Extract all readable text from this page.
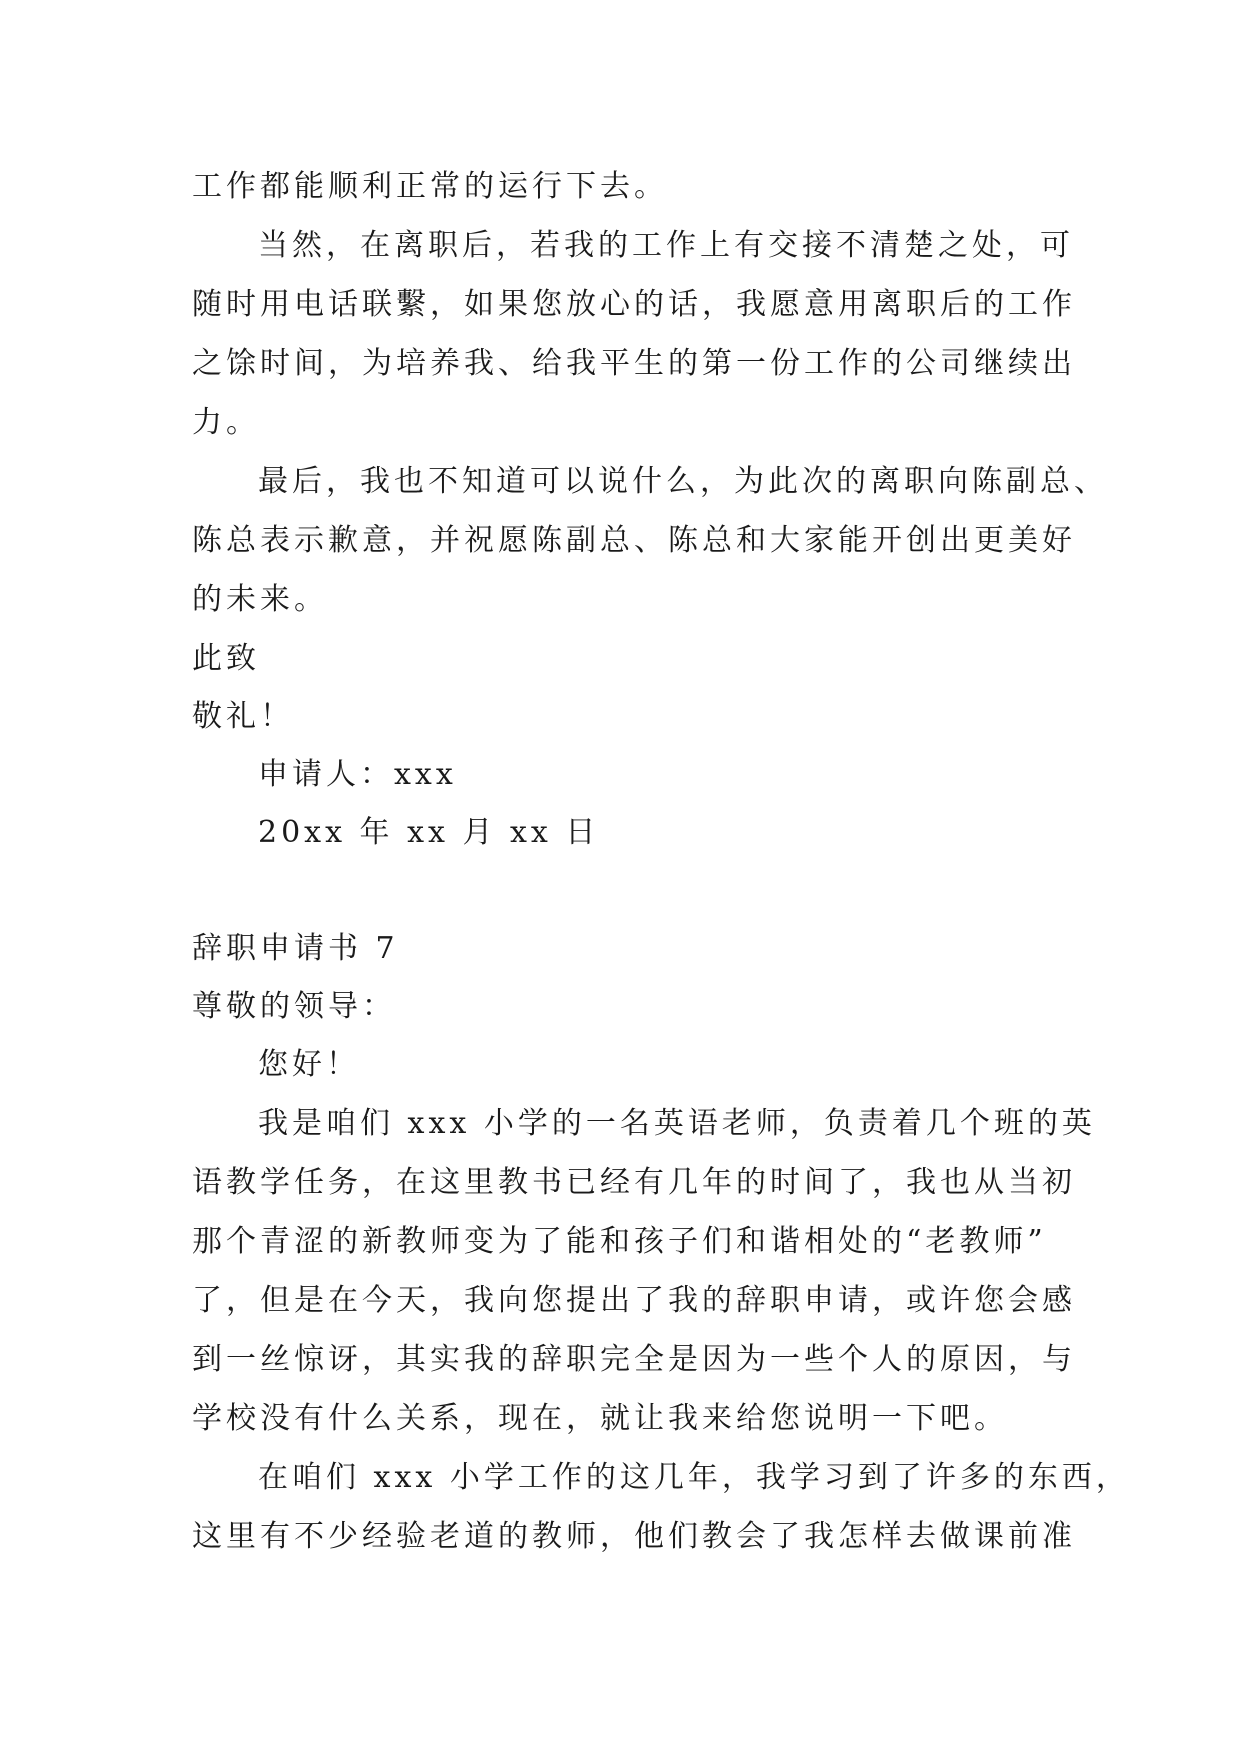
工作都能顺利正常的运行下去。
当然，在离职后，若我的工作上有交接不清楚之处，可
随时用电话联繫，如果您放心的话，我愿意用离职后的工作
之馀时间，为培养我、给我平生的第一份工作的公司继续出
力。
最后，我也不知道可以说什么，为此次的离职向陈副总、
陈总表示歉意，并祝愿陈副总、陈总和大家能开创出更美好
的未来。
此致
敬礼！
申请人：xxx
20xx 年 xx 月 xx 日
辞职申请书 7
尊敬的领导：
您好！
我是咱们 xxx 小学的一名英语老师，负责着几个班的英
语教学任务，在这里教书已经有几年的时间了，我也从当初
那个青涩的新教师变为了能和孩子们和谐相处的“老教师”
了，但是在今天，我向您提出了我的辞职申请，或许您会感
到一丝惊讶，其实我的辞职完全是因为一些个人的原因，与
学校没有什么关系，现在，就让我来给您说明一下吧。
在咱们 xxx 小学工作的这几年，我学习到了许多的东西，
这里有不少经验老道的教师，他们教会了我怎样去做课前准
